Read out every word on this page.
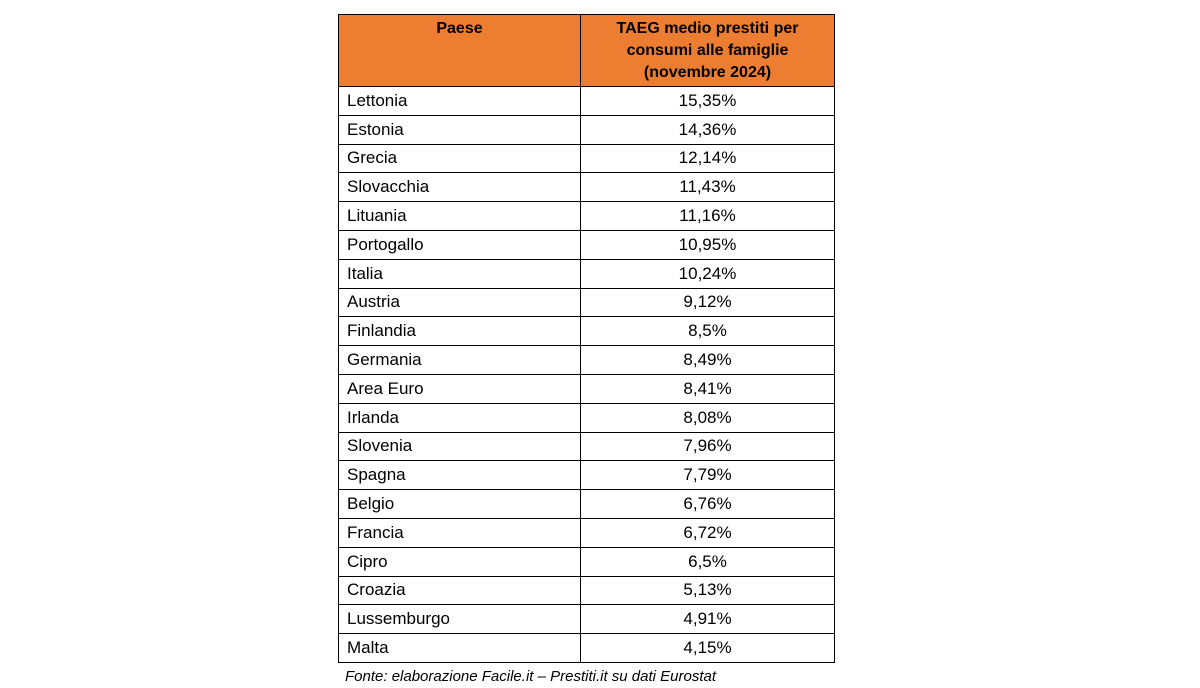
Paese	TAEG medio prestiti per consumi alle famiglie (novembre 2024)
Lettonia	15,35%
Estonia	14,36%
Grecia	12,14%
Slovacchia	11,43%
Lituania	11,16%
Portogallo	10,95%
Italia	10,24%
Austria	9,12%
Finlandia	8,5%
Germania	8,49%
Area Euro	8,41%
Irlanda	8,08%
Slovenia	7,96%
Spagna	7,79%
Belgio	6,76%
Francia	6,72%
Cipro	6,5%
Croazia	5,13%
Lussemburgo	4,91%
Malta	4,15%
Fonte: elaborazione Facile.it – Prestiti.it su dati Eurostat
